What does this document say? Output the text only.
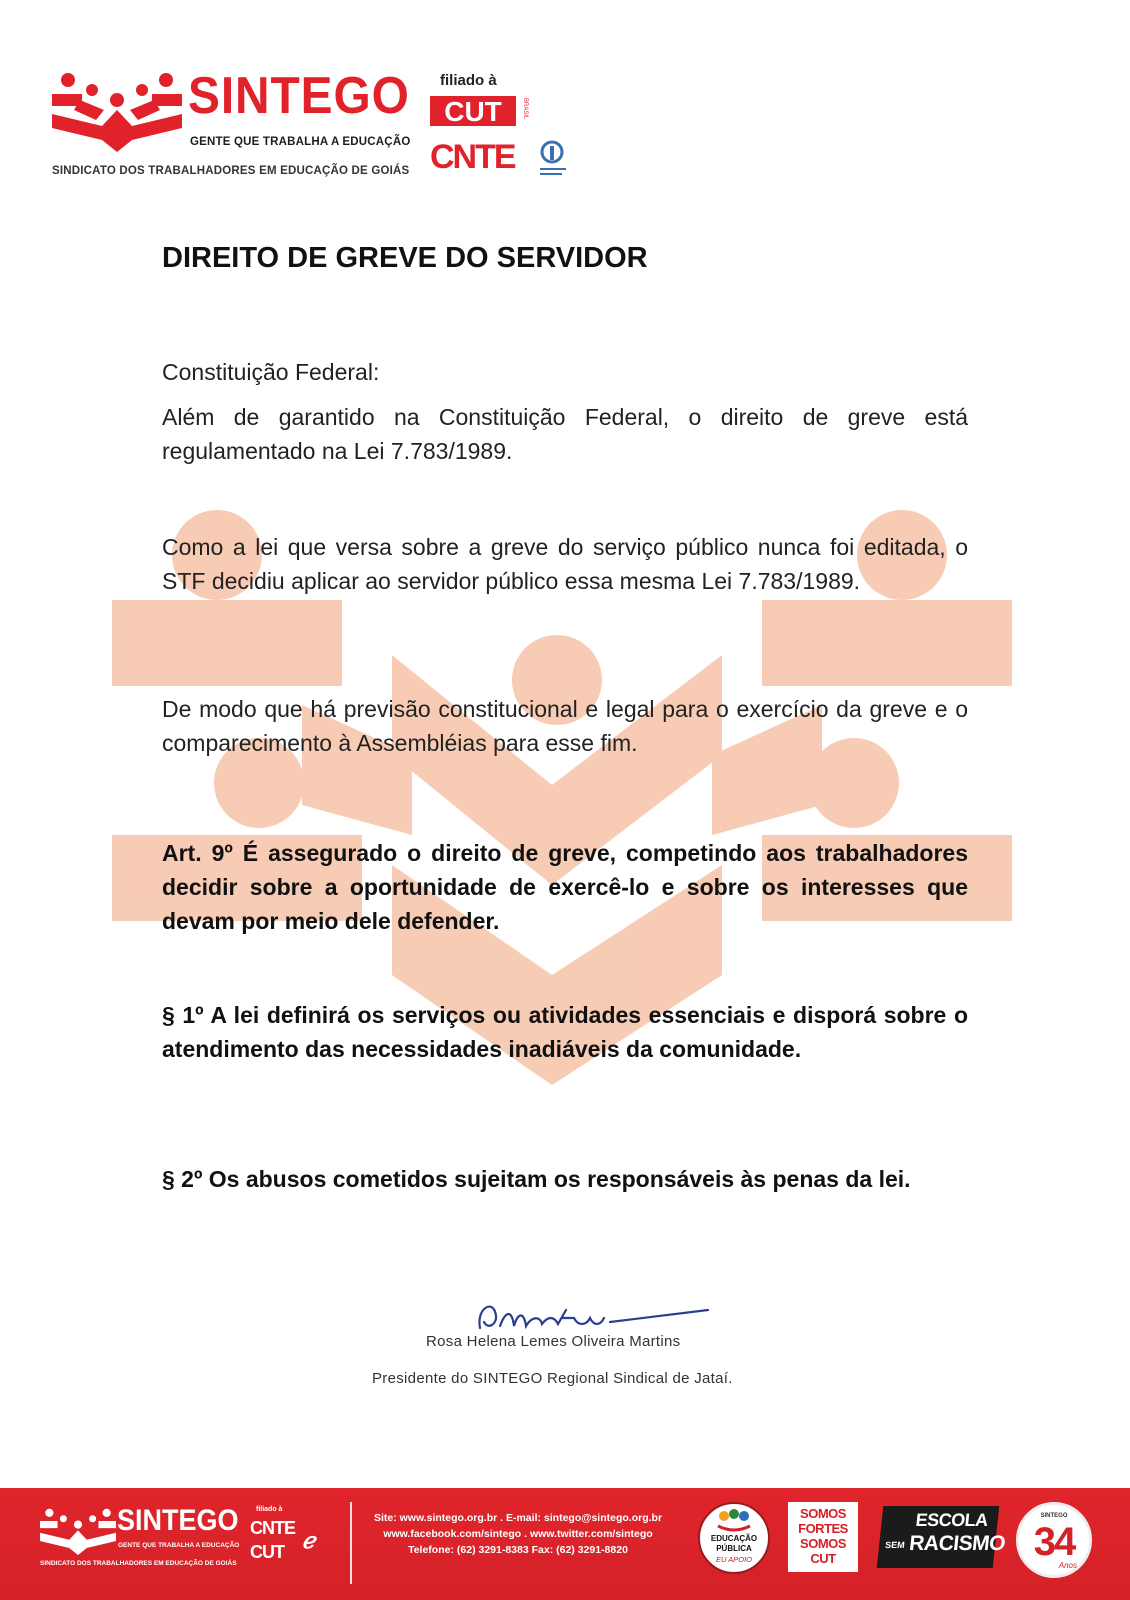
SINTEGO
GENTE QUE TRABALHA A EDUCAÇÃO
SINDICATO DOS TRABALHADORES EM EDUCAÇÃO DE GOIÁS
filiado à
CUT	BRASIL
CNTE
DIREITO DE GREVE DO SERVIDOR

Constituição Federal:

Além de garantido na Constituição Federal, o direito de greve está regulamentado na Lei 7.783/1989.

Como a lei que versa sobre a greve do serviço público nunca foi editada, o STF decidiu aplicar ao servidor público essa mesma Lei 7.783/1989.

De modo que há previsão constitucional e legal para o exercício da greve e o comparecimento à Assembléias para esse fim.

Art. 9º É assegurado o direito de greve, competindo aos trabalhadores decidir sobre a oportunidade de exercê-lo e sobre os interesses que devam por meio dele defender.

§ 1º A lei definirá os serviços ou atividades essenciais e disporá sobre o atendimento das necessidades inadiáveis da comunidade.

§ 2º Os abusos cometidos sujeitam os responsáveis às penas da lei.

Rosa Helena Lemes Oliveira Martins
Presidente do SINTEGO Regional Sindical de Jataí.
SINTEGO
GENTE QUE TRABALHA A EDUCAÇÃO
SINDICATO DOS TRABALHADORES EM EDUCAÇÃO DE GOIÁS
filiado à
CNTE
CUT ℯ
Site: www.sintego.org.br . E-mail: sintego@sintego.org.br
www.facebook.com/sintego . www.twitter.com/sintego
Telefone: (62) 3291-8383 Fax: (62) 3291-8820
EDUCAÇÃO
PÚBLICA
EU APOIO
SOMOS
FORTES
SOMOS
CUT
ESCOLA
SEM RACISMO
SINTEGO
34
Anos
